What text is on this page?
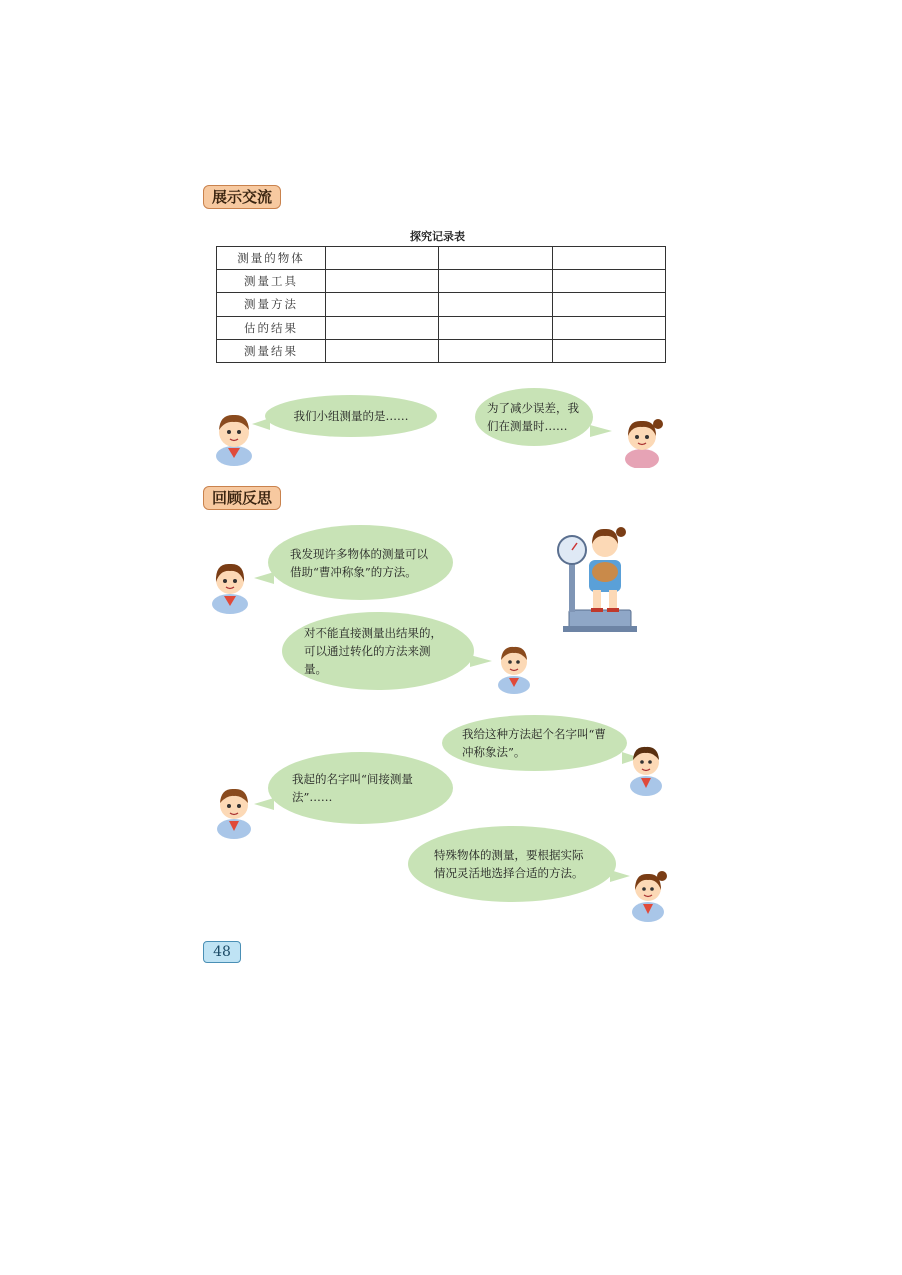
展示交流
探究记录表
测量的物体			
测量工具			
测量方法			
估的结果			
测量结果			
我们小组测量的是……
为了减少误差，我们在测量时……
回顾反思
我发现许多物体的测量可以借助“曹冲称象”的方法。
对不能直接测量出结果的，可以通过转化的方法来测量。
我给这种方法起个名字叫“曹冲称象法”。
我起的名字叫“间接测量法”……
特殊物体的测量，要根据实际情况灵活地选择合适的方法。
48
